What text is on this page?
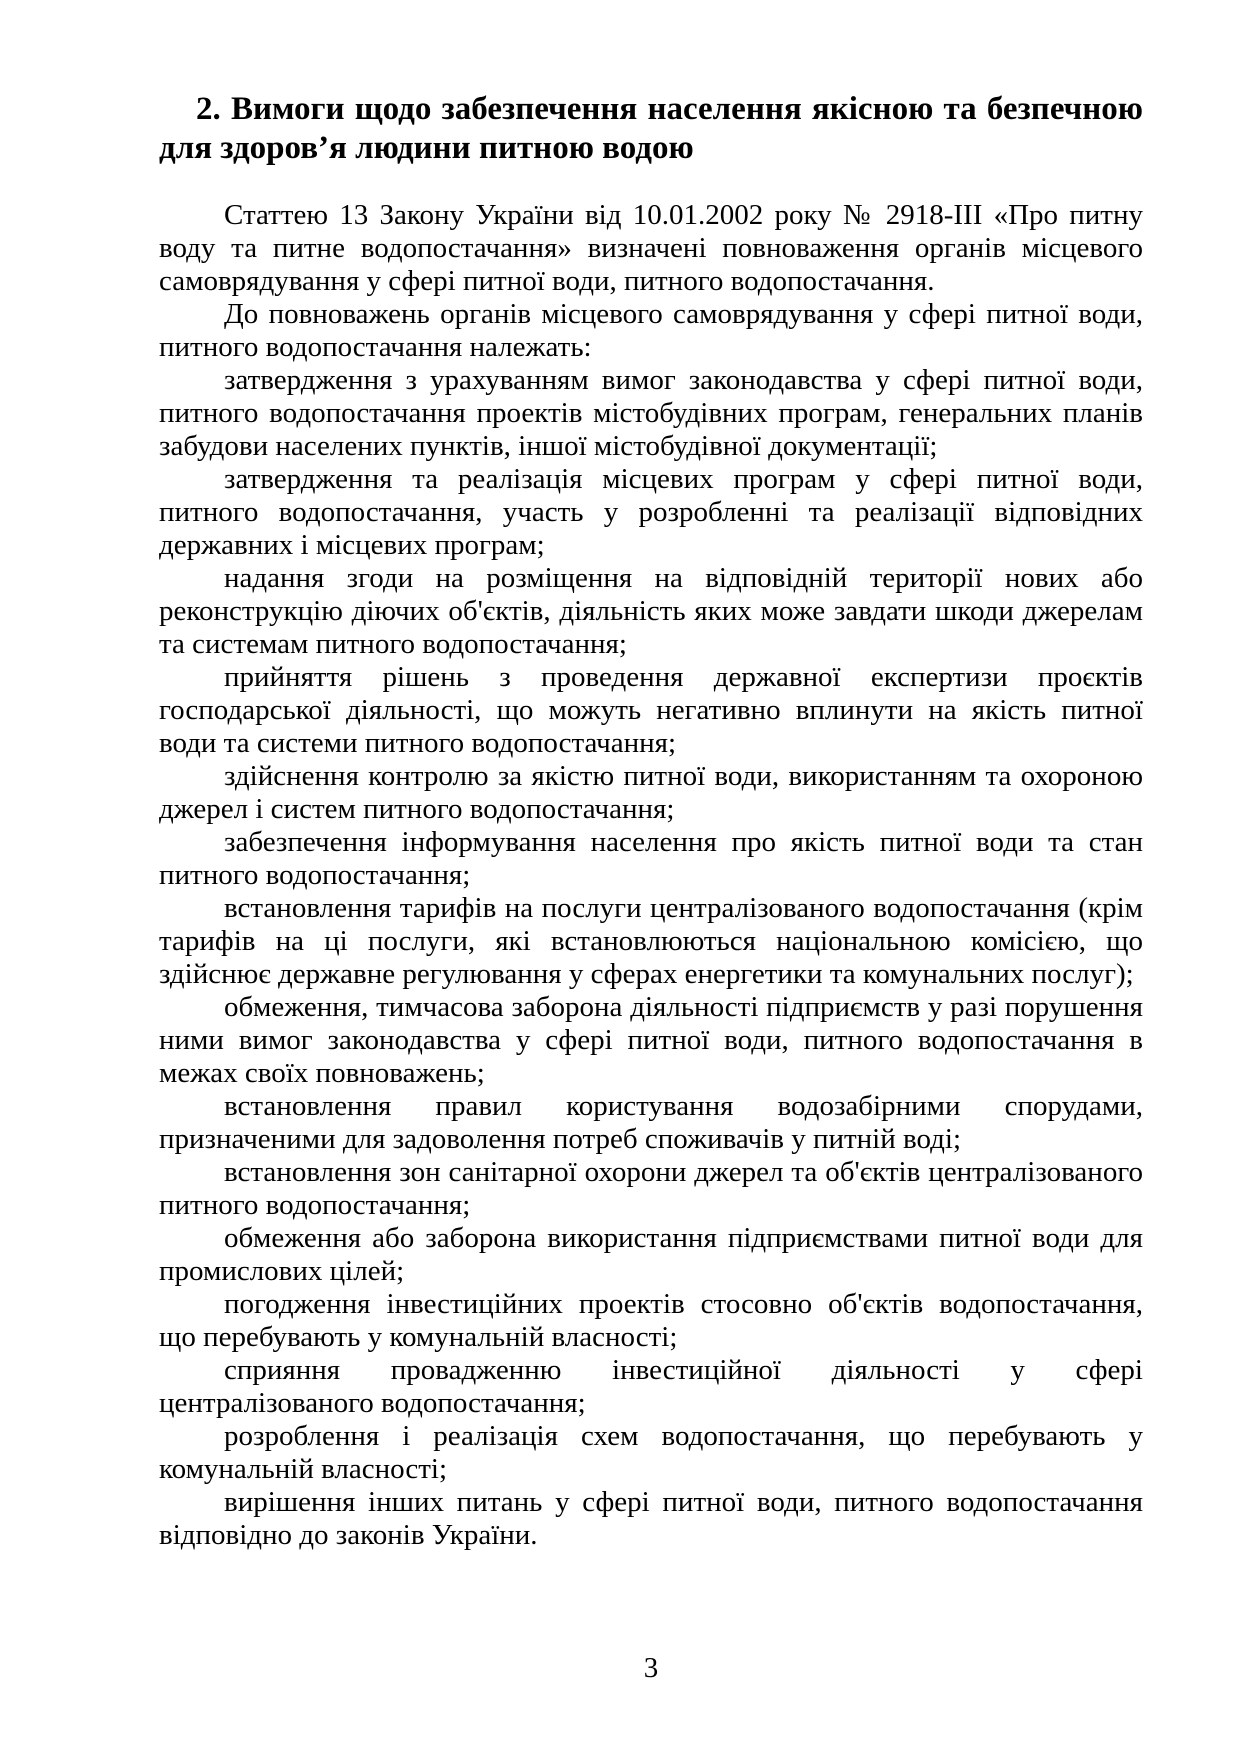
2. Вимоги щодо забезпечення населення якісною та безпечною для здоров’я людини питною водою

Статтею 13 Закону України від 10.01.2002 року № 2918-III «Про питну воду та питне водопостачання» визначені повноваження органів місцевого самоврядування у сфері питної води, питного водопостачання.

До повноважень органів місцевого самоврядування у сфері питної води, питного водопостачання належать:

затвердження з урахуванням вимог законодавства у сфері питної води, питного водопостачання проектів містобудівних програм, генеральних планів забудови населених пунктів, іншої містобудівної документації;

затвердження та реалізація місцевих програм у сфері питної води, питного водопостачання, участь у розробленні та реалізації відповідних державних і місцевих програм;

надання згоди на розміщення на відповідній території нових або реконструкцію діючих об'єктів, діяльність яких може завдати шкоди джерелам та системам питного водопостачання;

прийняття рішень з проведення державної експертизи проєктів господарської діяльності, що можуть негативно вплинути на якість питної води та системи питного водопостачання;

здійснення контролю за якістю питної води, використанням та охороною джерел і систем питного водопостачання;

забезпечення інформування населення про якість питної води та стан питного водопостачання;

встановлення тарифів на послуги централізованого водопостачання (крім тарифів на ці послуги, які встановлюються національною комісією, що здійснює державне регулювання у сферах енергетики та комунальних послуг);

обмеження, тимчасова заборона діяльності підприємств у разі порушення ними вимог законодавства у сфері питної води, питного водопостачання в межах своїх повноважень;

встановлення правил користування водозабірними спорудами, призначеними для задоволення потреб споживачів у питній воді;

встановлення зон санітарної охорони джерел та об'єктів централізованого питного водопостачання;

обмеження або заборона використання підприємствами питної води для промислових цілей;

погодження інвестиційних проектів стосовно об'єктів водопостачання, що перебувають у комунальній власності;

сприяння провадженню інвестиційної діяльності у сфері централізованого водопостачання;

розроблення і реалізація схем водопостачання, що перебувають у комунальній власності;

вирішення інших питань у сфері питної води, питного водопостачання відповідно до законів України.

3
